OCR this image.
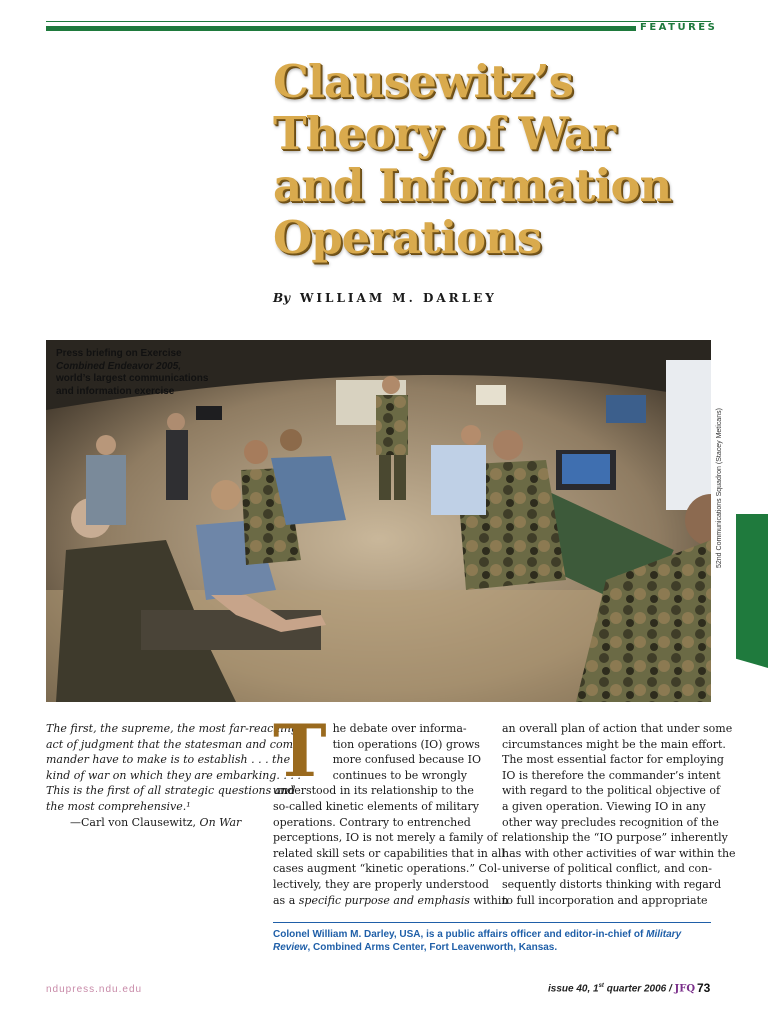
FEATURES
Clausewitz’s
Theory of War
and Information
Operations
By WILLIAM M. DARLEY
Press briefing on Exercise Combined Endeavor 2005, world’s largest communications and information exercise
52nd Communications Squadron (Stacey Meticans)
The first, the supreme, the most far-reaching
act of judgment that the statesman and com-
mander have to make is to establish . . . the
kind of war on which they are embarking. . . .
This is the first of all strategic questions and
the most comprehensive.¹
—Carl von Clausewitz, On War
T he debate over informa-
tion operations (IO) grows
more confused because IO
continues to be wrongly
understood in its relationship to the
so-called kinetic elements of military
operations. Contrary to entrenched
perceptions, IO is not merely a family of
related skill sets or capabilities that in all
cases augment “kinetic operations.” Col-
lectively, they are properly understood
as a specific purpose and emphasis within
an overall plan of action that under some
circumstances might be the main effort.
The most essential factor for employing
IO is therefore the commander’s intent
with regard to the political objective of
a given operation. Viewing IO in any
other way precludes recognition of the
relationship the “IO purpose” inherently
has with other activities of war within the
universe of political conflict, and con-
sequently distorts thinking with regard
to full incorporation and appropriate
Colonel William M. Darley, USA, is a public affairs officer and editor-in-chief of Military Review, Combined Arms Center, Fort Leavenworth, Kansas.
ndupress.ndu.edu	issue 40, 1st quarter 2006 / JFQ 73
